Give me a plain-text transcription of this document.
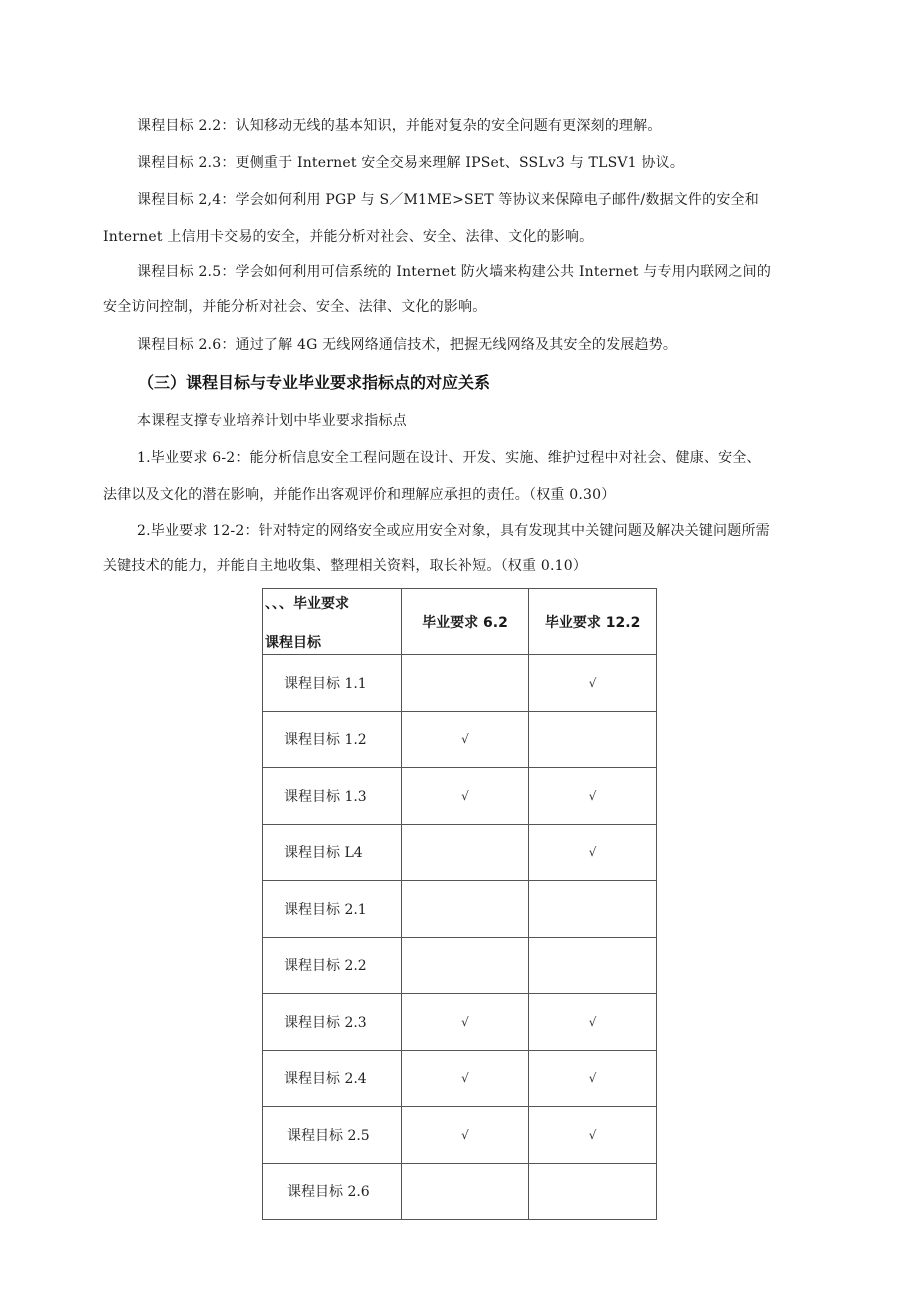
课程目标 2.2：认知移动无线的基本知识，并能对复杂的安全问题有更深刻的理解。
课程目标 2.3：更侧重于 Internet 安全交易来理解 IPSet、SSLv3 与 TLSV1 协议。
课程目标 2,4：学会如何利用 PGP 与 S／M1ME>SET 等协议来保障电子邮件/数据文件的安全和
Internet 上信用卡交易的安全，并能分析对社会、安全、法律、文化的影响。
课程目标 2.5：学会如何利用可信系统的 Internet 防火墙来构建公共 Internet 与专用内联网之间的
安全访问控制，并能分析对社会、安全、法律、文化的影响。
课程目标 2.6：通过了解 4G 无线网络通信技术，把握无线网络及其安全的发展趋势。
（三）课程目标与专业毕业要求指标点的对应关系
本课程支撑专业培养计划中毕业要求指标点
1.毕业要求 6-2：能分析信息安全工程问题在设计、开发、实施、维护过程中对社会、健康、安全、
法律以及文化的潜在影响，并能作出客观评价和理解应承担的责任。（权重 0.30）
2.毕业要求 12-2：针对特定的网络安全或应用安全对象，具有发现其中关键问题及解决关键问题所需
关键技术的能力，并能自主地收集、整理相关资料，取长补短。（权重 0.10）
、、、毕业要求
课程目标	毕业要求 6.2	毕业要求 12.2
课程目标 1.1		√
课程目标 1.2	√	
课程目标 1.3	√	√
课程目标 L4		√
课程目标 2.1		
课程目标 2.2		
课程目标 2.3	√	√
课程目标 2.4	√	√
课程目标 2.5	√	√
课程目标 2.6		
